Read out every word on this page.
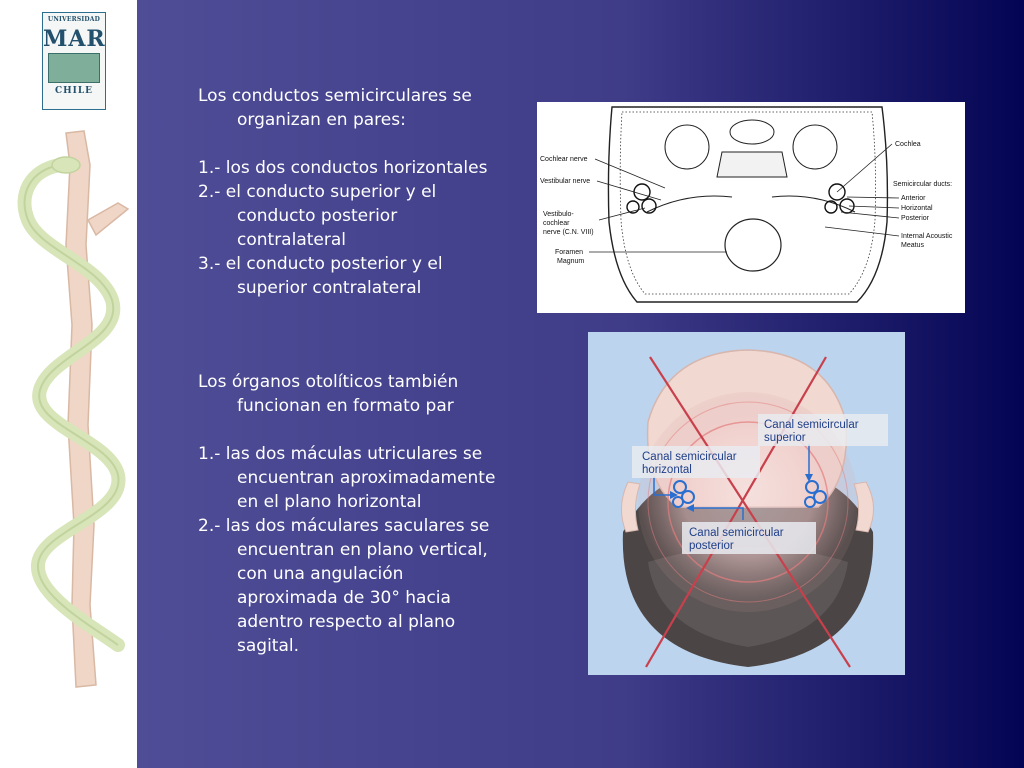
UNIVERSIDAD
MAR
CHILE	Los conductos semicirculares se organizan en pares:

1.- los dos conductos horizontales

2.- el conducto superior y el conducto posterior contralateral

3.- el conducto posterior y el superior contralateral

Los órganos otolíticos también funcionan en formato par

1.- las dos máculas utriculares se encuentran aproximadamente en el plano horizontal

2.- las dos máculares saculares se encuentran en plano vertical, con una angulación aproximada de 30° hacia adentro respecto al plano sagital.

Cochlear nerve
Vestibular nerve
Vestibulo-
cochlear
nerve (C.N. VIII)
Foramen
Magnum
Cochlea
Semicircular ducts:
Anterior
Horizontal
Posterior
Internal Acoustic
Meatus
Canal semicircular
superior
Canal semicircular
horizontal
Canal semicircular
posterior
